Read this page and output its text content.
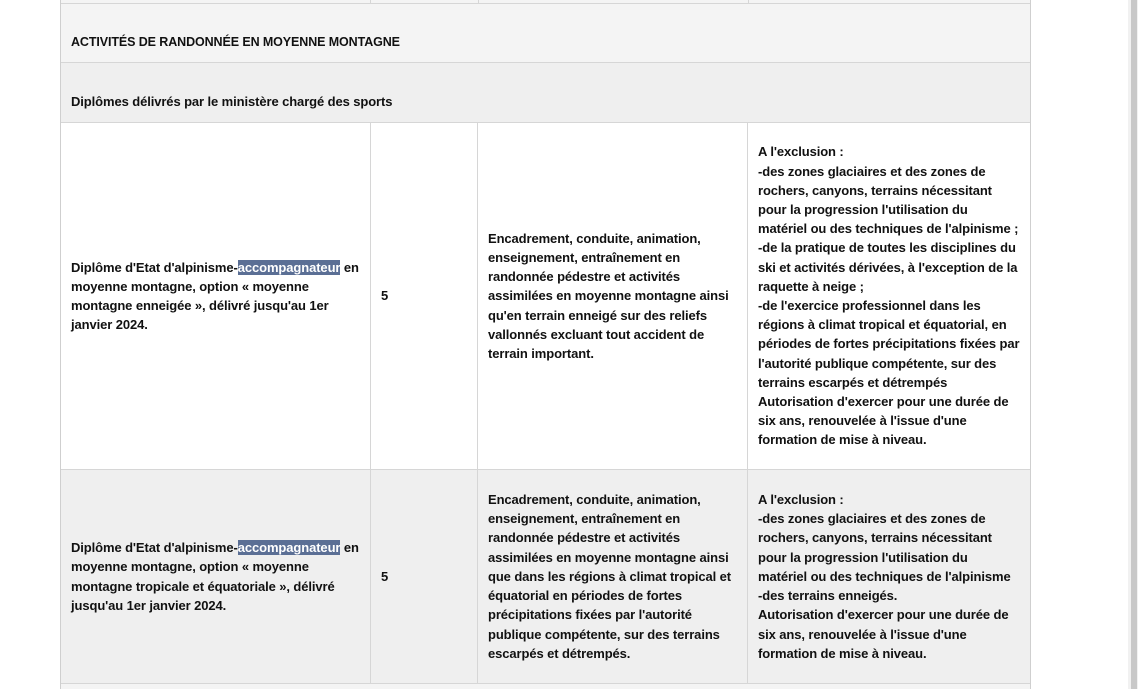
ACTIVITÉS DE RANDONNÉE EN MOYENNE MONTAGNE
Diplômes délivrés par le ministère chargé des sports
Diplôme d'Etat d'alpinisme-accompagnateur en moyenne montagne, option « moyenne montagne enneigée », délivré jusqu'au 1er janvier 2024.
5
Encadrement, conduite, animation, enseignement, entraînement en randonnée pédestre et activités assimilées en moyenne montagne ainsi qu'en terrain enneigé sur des reliefs vallonnés excluant tout accident de terrain important.
A l'exclusion :
-des zones glaciaires et des zones de rochers, canyons, terrains nécessitant pour la progression l'utilisation du matériel ou des techniques de l'alpinisme ;
-de la pratique de toutes les disciplines du ski et activités dérivées, à l'exception de la raquette à neige ;
-de l'exercice professionnel dans les régions à climat tropical et équatorial, en périodes de fortes précipitations fixées par l'autorité publique compétente, sur des terrains escarpés et détrempés
Autorisation d'exercer pour une durée de six ans, renouvelée à l'issue d'une formation de mise à niveau.
Diplôme d'Etat d'alpinisme-accompagnateur en moyenne montagne, option « moyenne montagne tropicale et équatoriale », délivré jusqu'au 1er janvier 2024.
5
Encadrement, conduite, animation, enseignement, entraînement en randonnée pédestre et activités assimilées en moyenne montagne ainsi que dans les régions à climat tropical et équatorial en périodes de fortes précipitations fixées par l'autorité publique compétente, sur des terrains escarpés et détrempés.
A l'exclusion :
-des zones glaciaires et des zones de rochers, canyons, terrains nécessitant pour la progression l'utilisation du matériel ou des techniques de l'alpinisme
-des terrains enneigés.
Autorisation d'exercer pour une durée de six ans, renouvelée à l'issue d'une formation de mise à niveau.
